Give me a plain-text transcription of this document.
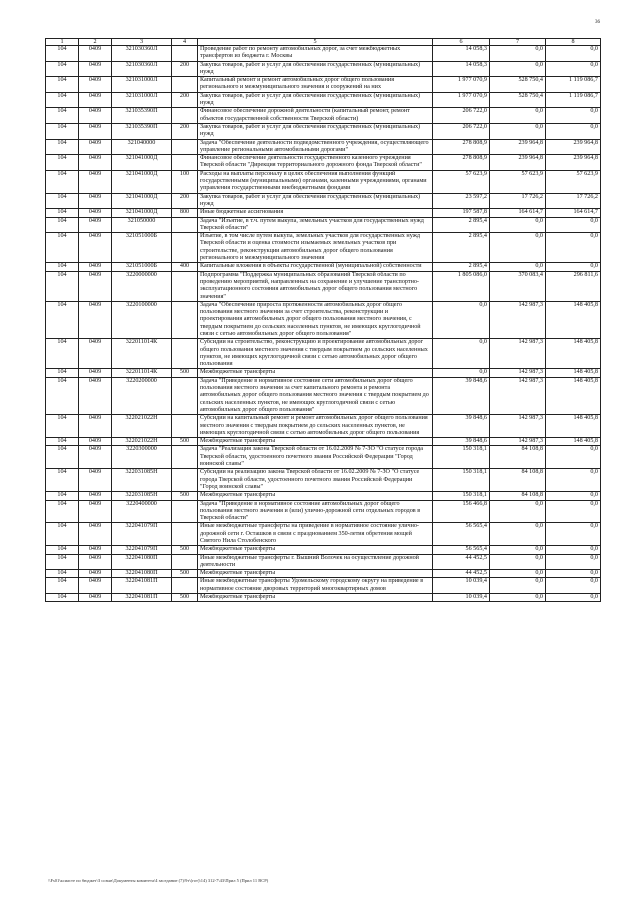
36
1	2	3	4	5	6	7	8
104	0409	321030360Л		Проведение работ по ремонту автомобильных дорог, за счет межбюджетных трансфертов из бюджета г. Москвы	14 058,3	0,0	0,0
104	0409	321030360Л	200	Закупка товаров, работ и услуг для обеспечения государственных (муниципальных) нужд	14 058,3	0,0	0,0
104	0409	321031000Л		Капитальный ремонт и ремонт автомобильных дорог общего пользования регионального и межмуниципального значения и сооружений на них	1 977 070,9	528 750,4	1 119 086,7
104	0409	321031000Л	200	Закупка товаров, работ и услуг для обеспечения государственных (муниципальных) нужд	1 977 070,9	528 750,4	1 119 086,7
104	0409	321035390П		Финансовое обеспечение дорожной деятельности (капитальный ремонт, ремонт объектов государственной собственности Тверской области)	206 722,0	0,0	0,0
104	0409	321035390П	200	Закупка товаров, работ и услуг для обеспечения государственных (муниципальных) нужд	206 722,0	0,0	0,0
104	0409	321040000		Задача "Обеспечение деятельности подведомственного учреждения, осуществляющего управление региональными автомобильными дорогами"	278 808,9	239 964,8	239 964,8
104	0409	321041000Д		Финансовое обеспечение деятельности государственного казенного учреждения Тверской области "Дирекция территориального дорожного фонда Тверской области"	278 808,9	239 964,8	239 964,8
104	0409	321041000Д	100	Расходы на выплаты персоналу в целях обеспечения выполнения функций государственными (муниципальными) органами, казенными учреждениями, органами управления государственными внебюджетными фондами	57 623,9	57 623,9	57 623,9
104	0409	321041000Д	200	Закупка товаров, работ и услуг для обеспечения государственных (муниципальных) нужд	23 597,2	17 726,2	17 726,2
104	0409	321041000Д	800	Иные бюджетные ассигнования	197 587,8	164 614,7	164 614,7
104	0409	321050000		Задача "Изъятие, в т.ч. путем выкупа, земельных участков для государственных нужд Тверской области"	2 895,4	0,0	0,0
104	0409	321051000Б		Изъятие, в том числе путем выкупа, земельных участков для государственных нужд Тверской области и оценка стоимости изымаемых земельных участков при строительстве, реконструкции автомобильных дорог общего пользования регионального и межмуниципального значения	2 895,4	0,0	0,0
104	0409	321051000Б	400	Капитальные вложения в объекты государственной (муниципальной) собственности	2 895,4	0,0	0,0
104	0409	3220000000		Подпрограмма "Поддержка муниципальных образований Тверской области по проведению мероприятий, направленных на сохранение и улучшение транспортно-эксплуатационного состояния автомобильных дорог общего пользования местного значения"	1 805 086,0	370 083,4	296 811,6
104	0409	3220100000		Задача "Обеспечение прироста протяженности автомобильных дорог общего пользования местного значения за счет строительства, реконструкции и проектирования автомобильных дорог общего пользования местного значения, с твердым покрытием до сельских населенных пунктов, не имеющих круглогодичной связи с сетью автомобильных дорог общего пользования"	0,0	142 987,3	148 405,8
104	0409	322011014К		Субсидии на строительство, реконструкцию и проектирование автомобильных дорог общего пользования местного значения с твердым покрытием до сельских населенных пунктов, не имеющих круглогодичной связи с сетью автомобильных дорог общего пользования	0,0	142 987,3	148 405,8
104	0409	322011014К	500	Межбюджетные трансферты	0,0	142 987,3	148 405,8
104	0409	3220200000		Задача "Приведение в нормативное состояние сети автомобильных дорог общего пользования местного значения за счет капитального ремонта и ремонта автомобильных дорог общего пользования местного значения с твердым покрытием до сельских населенных пунктов, не имеющих круглогодичной связи с сетью автомобильных дорог общего пользования"	39 848,6	142 987,3	148 405,8
104	0409	322021022Н		Субсидии на капитальный ремонт и ремонт автомобильных дорог общего пользования местного значения с твердым покрытием до сельских населенных пунктов, не имеющих круглогодичной связи с сетью автомобильных дорог общего пользования	39 848,6	142 987,3	148 405,8
104	0409	322021022Н	500	Межбюджетные трансферты	39 848,6	142 987,3	148 405,8
104	0409	3220300000		Задача "Реализация закона Тверской области от 16.02.2009 № 7-ЗО "О статусе города Тверской области, удостоенного почетного звания Российской Федерации "Город воинской славы"	150 318,1	84 108,8	0,0
104	0409	322031085Н		Субсидии на реализацию закона Тверской области от 16.02.2009 № 7-ЗО "О статусе города Тверской области, удостоенного почетного звания Российской Федерации "Город воинской славы"	150 318,1	84 108,8	0,0
104	0409	322031085Н	500	Межбюджетные трансферты	150 318,1	84 108,8	0,0
104	0409	3220400000		Задача "Приведение в нормативное состояние автомобильных дорог общего пользования местного значения и (или) улично-дорожной сети отдельных городов в Тверской области"	156 466,8	0,0	0,0
104	0409	322041079П		Иные межбюджетные трансферты на приведение в нормативное состояние улично-дорожной сети г. Осташков в связи с празднованием 350-летия обретения мощей Святого Нила Столобенского	56 565,4	0,0	0,0
104	0409	322041079П	500	Межбюджетные трансферты	56 565,4	0,0	0,0
104	0409	322041080П		Иные межбюджетные трансферты г. Вышний Волочек на осуществление дорожной деятельности	44 452,5	0,0	0,0
104	0409	322041080П	500	Межбюджетные трансферты	44 452,5	0,0	0,0
104	0409	322041081П		Иные межбюджетные трансферты Удомельскому городскому округу на приведение в нормативное состояние дворовых территорий многоквартирных домов	10 039,4	0,0	0,0
104	0409	322041081П	500	Межбюджетные трансферты	10 039,4	0,0	0,0
\\Fs01\ксиасте по бюджет\З созыв\Документы комитета\4 заседание (7)\9т\(гот)\14) 312-7\43\Прил 5 (Прил 11 ВСР)
